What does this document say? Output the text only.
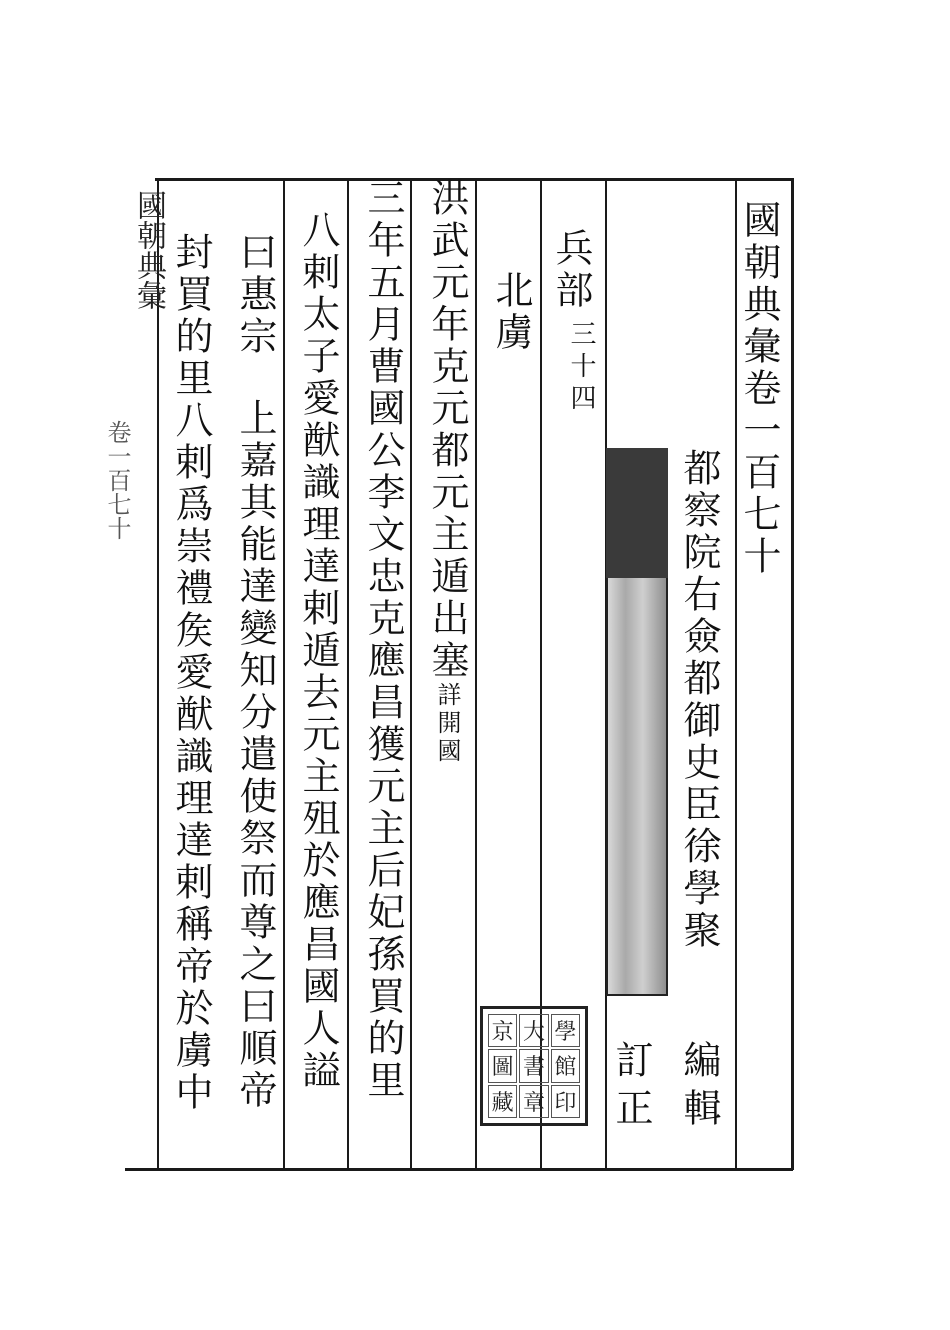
國朝典彙卷一百七十
都察院右僉都御史臣徐學聚
編輯
訂正
兵部
三十四
北虜
京 大 學
圖 書 館
藏 章 印
洪武元年克元都元主遁出塞詳開國
三年五月曹國公李文忠克應昌獲元主后妃孫買的里
八剌太子愛猷識理達剌遁去元主殂於應昌國人謚
曰惠宗上嘉其能達變知分遣使祭而尊之曰順帝
封買的里八剌爲崇禮矦愛猷識理達剌稱帝於虜中
國朝典彙
卷一百七十
